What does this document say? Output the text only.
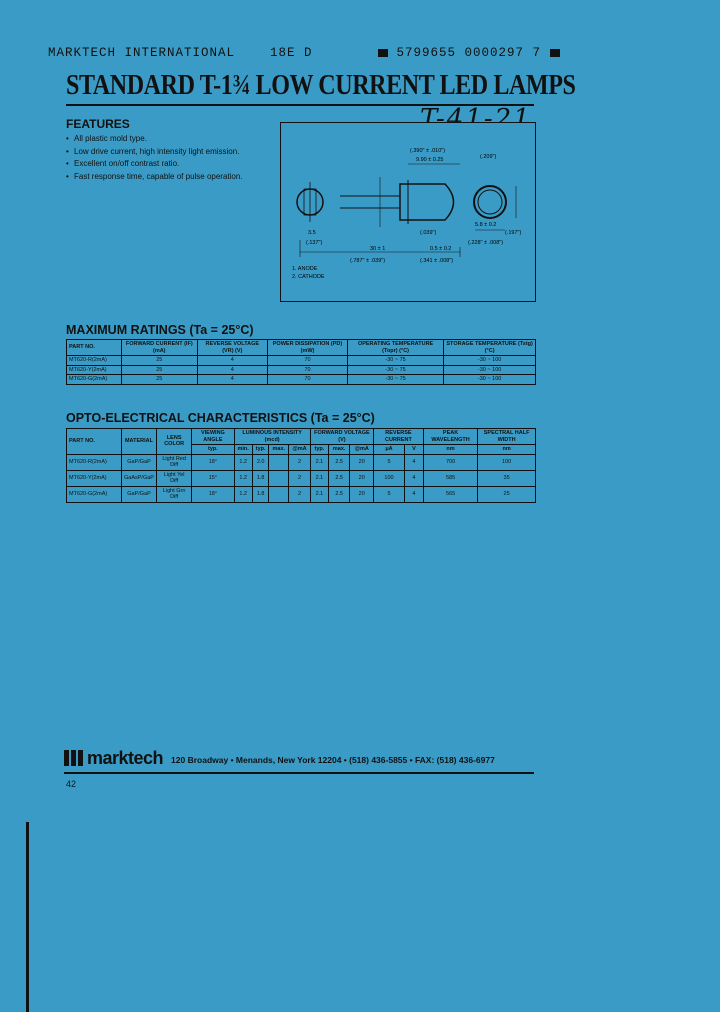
MARKTECH INTERNATIONAL	18E D	5799655 0000297 7
STANDARD T-1¾ LOW CURRENT LED LAMPS
T-41-21
FEATURES
• All plastic mold type.
• Low drive current, high intensity light emission.
• Excellent on/off contrast ratio.
• Fast response time, capable of pulse operation.
(.390" ± .010")
9.90 ± 0.25	(.209")
(.228" ± .008")
5.8 ± 0.2
(.197")
3.5
(.137")
(.039")
30 ± 1	0.5 ± 0.2
(.787" ± .039")	(.341 ± .008")
1. ANODE
2. CATHODE
MAXIMUM RATINGS (Ta = 25°C)
PART NO.	FORWARD CURRENT (IF) (mA)	REVERSE VOLTAGE (VR) (V)	POWER DISSIPATION (PD) (mW)	OPERATING TEMPERATURE (Topr) (°C)	STORAGE TEMPERATURE (Tstg) (°C)
MT620-R(2mA)	25	4	70	-30 ~ 75	-30 ~ 100
MT620-Y(2mA)	25	4	70	-30 ~ 75	-30 ~ 100
MT620-G(2mA)	25	4	70	-30 ~ 75	-30 ~ 100
OPTO-ELECTRICAL CHARACTERISTICS (Ta = 25°C)
PART NO.	MATERIAL	LENS COLOR	VIEWING ANGLE	LUMINOUS INTENSITY (mcd)				FORWARD VOLTAGE (V)			REVERSE CURRENT		PEAK WAVELENGTH	SPECTRAL HALF WIDTH
			typ.	min.	typ.	max.	@mA	typ.	max.	@mA	μA	V	nm	nm
MT620-R(2mA)	GaP/GaP	Light Red Diff	18°	1.2	2.0		2	2.1	2.5	20	5	4	700	100
MT620-Y(2mA)	GaAsP/GaP	Light Yel Diff	15°	1.2	1.8		2	2.1	2.5	20	100	4	585	35
MT620-G(2mA)	GaP/GaP	Light Grn Diff	18°	1.2	1.8		2	2.1	2.5	20	5	4	565	25
marktech 120 Broadway • Menands, New York 12204 • (518) 436-5855 • FAX: (518) 436-6977
42
